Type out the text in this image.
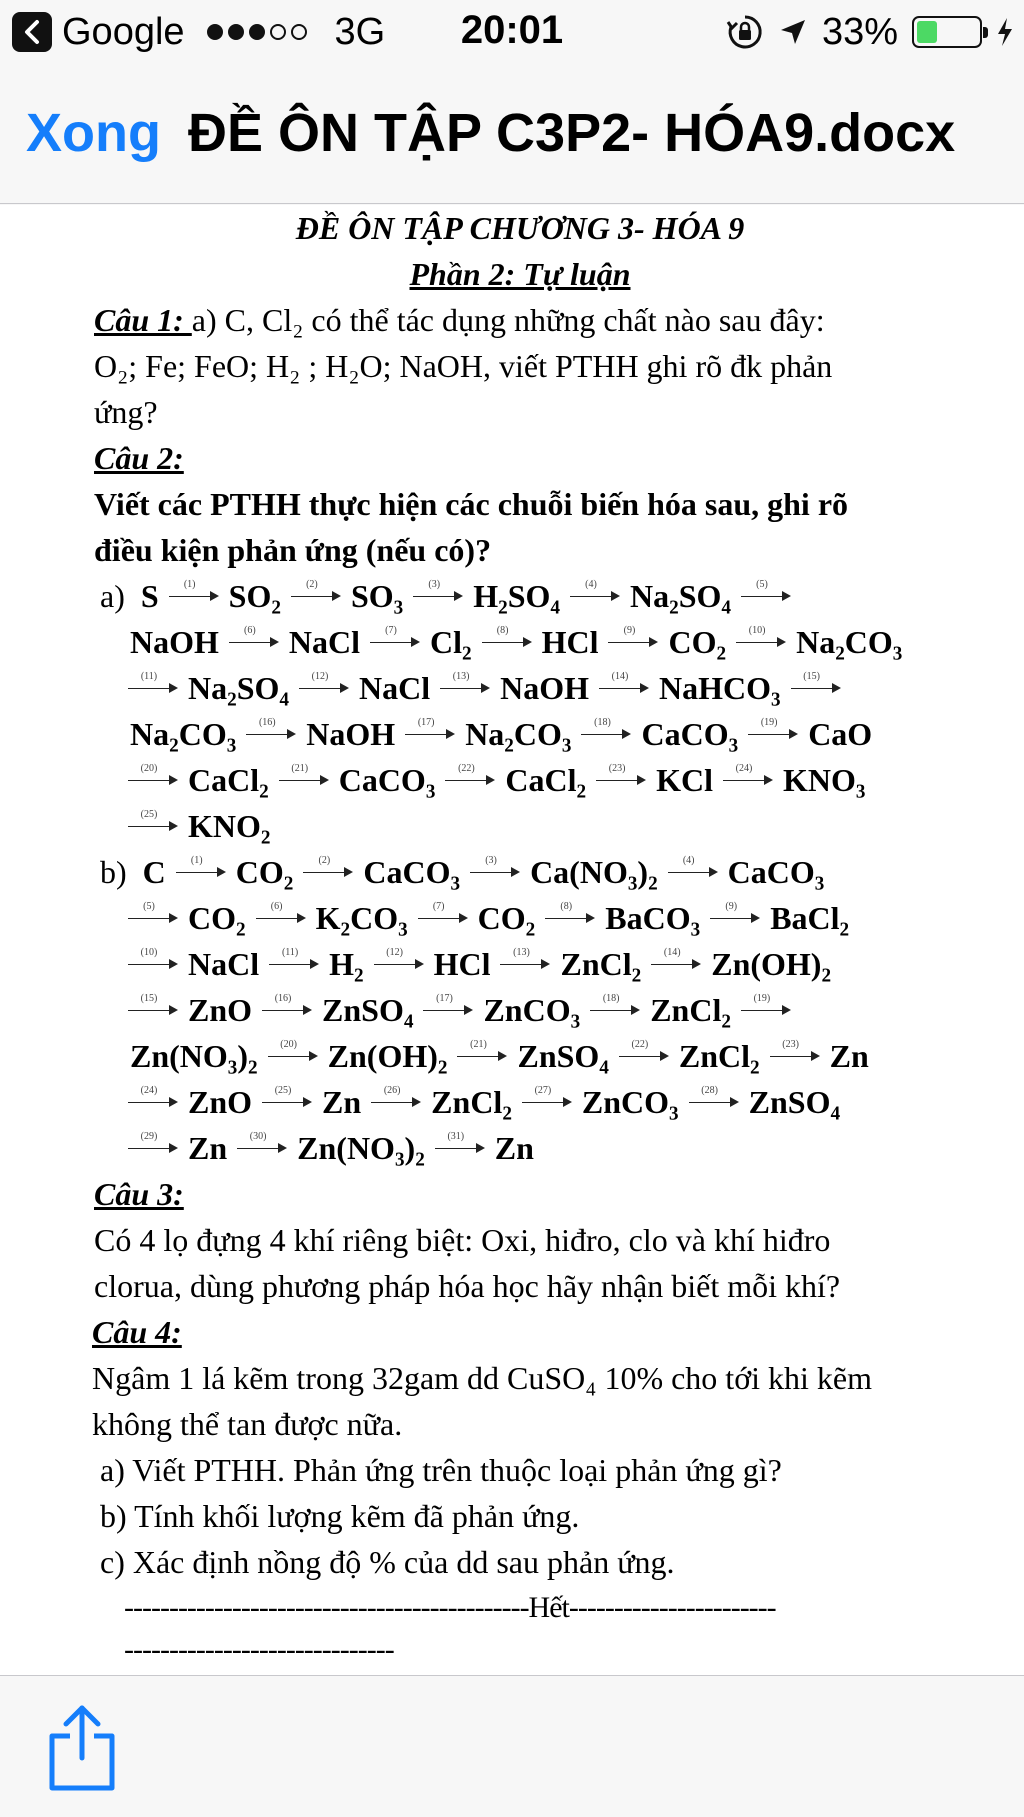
Google	3G	20:01	33%
Xong ĐỀ ÔN TẬP C3P2- HÓA9.docx
ĐỀ ÔN TẬP CHƯƠNG 3- HÓA 9
Phần 2: Tự luận
Câu 1: a) C, Cl₂ có thể tác dụng những chất nào sau đây:
O₂; Fe; FeO; H₂ ; H₂O; NaOH, viết PTHH ghi rõ đk phản
ứng?
Câu 2:
Viết các PTHH thực hiện các chuỗi biến hóa sau, ghi rõ
điều kiện phản ứng (nếu có)?
a) S	(1)	SO₂	(2)	SO₃	(3)	H₂SO₄	(4)	Na₂SO₄	(5)
NaOH	(6)	NaCl	(7)	Cl₂	(8)	HCl	(9)	CO₂	(10) Na₂CO₃
(11) Na₂SO₄	(12) NaCl	(13) NaOH	(14) NaHCO₃	(15)
Na₂CO₃	(16) NaOH	(17) Na₂CO₃	(18) CaCO₃	(19) CaO
(20) CaCl₂	(21) CaCO₃	(22) CaCl₂	(23) KCl	(24) KNO₃
(25) KNO₂
b) C	(1)	CO₂	(2)	CaCO₃	(3)	Ca(NO₃)₂	(4)	CaCO₃
(5)	CO₂	(6)	K₂CO₃	(7)	CO₂	(8)	BaCO₃	(9)	BaCl₂
(10) NaCl	(11) H₂	(12) HCl	(13) ZnCl₂	(14) Zn(OH)₂
(15) ZnO	(16) ZnSO₄	(17) ZnCO₃	(18) ZnCl₂	(19)
Zn(NO₃)₂	(20) Zn(OH)₂	(21) ZnSO₄	(22) ZnCl₂	(23) Zn
(24) ZnO	(25) Zn	(26) ZnCl₂	(27) ZnCO₃	(28) ZnSO₄
(29) Zn	(30) Zn(NO₃)₂	(31) Zn
Câu 3:
Có 4 lọ đựng 4 khí riêng biệt: Oxi, hiđro, clo và khí hiđro
clorua, dùng phương pháp hóa học hãy nhận biết mỗi khí?
Câu 4:
Ngâm 1 lá kẽm trong 32gam dd CuSO₄ 10% cho tới khi kẽm
không thể tan được nữa.
a) Viết PTHH. Phản ứng trên thuộc loại phản ứng gì?
b) Tính khối lượng kẽm đã phản ứng.
c) Xác định nồng độ % của dd sau phản ứng.
---------------------------------------------Hết-----------------------
------------------------------
